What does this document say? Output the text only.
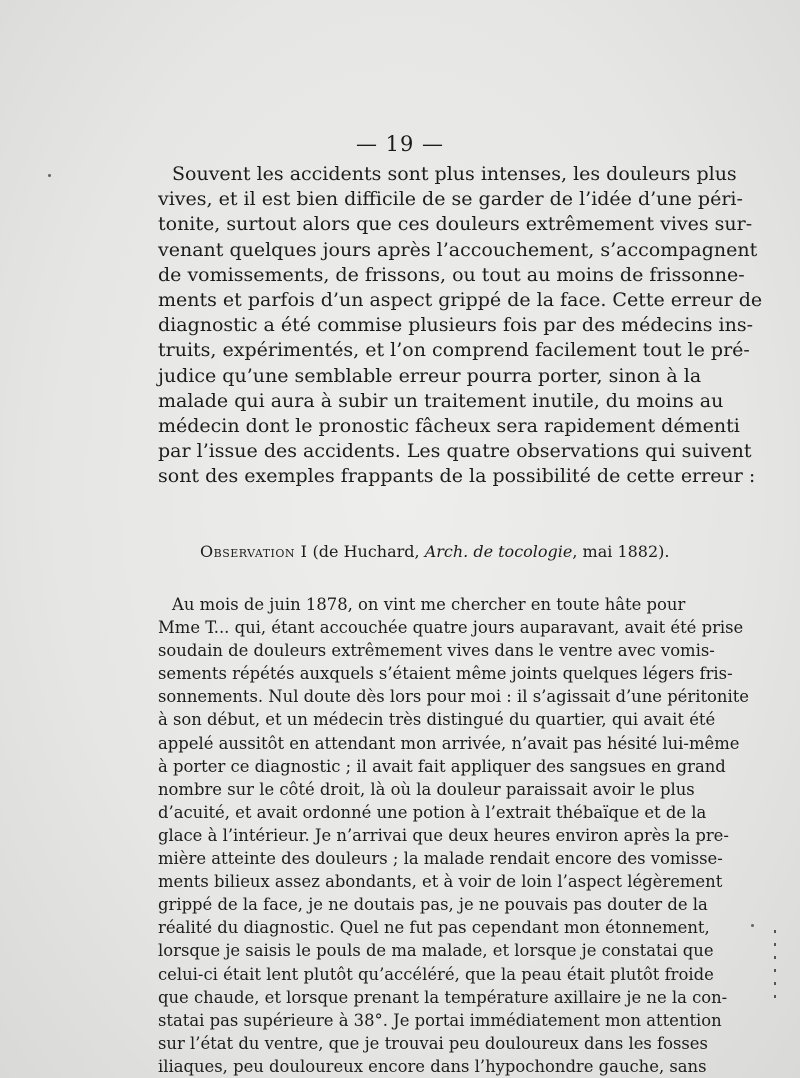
— 19 —
Souvent les accidents sont plus intenses, les douleurs plus
vives, et il est bien difficile de se garder de l’idée d’une péri-
tonite, surtout alors que ces douleurs extrêmement vives sur-
venant quelques jours après l’accouchement, s’accompagnent
de vomissements, de frissons, ou tout au moins de frissonne-
ments et parfois d’un aspect grippé de la face. Cette erreur de
diagnostic a été commise plusieurs fois par des médecins ins-
truits, expérimentés, et l’on comprend facilement tout le pré-
judice qu’une semblable erreur pourra porter, sinon à la
malade qui aura à subir un traitement inutile, du moins au
médecin dont le pronostic fâcheux sera rapidement démenti
par l’issue des accidents. Les quatre observations qui suivent
sont des exemples frappants de la possibilité de cette erreur :
Observation I (de Huchard, Arch. de tocologie, mai 1882).
Au mois de juin 1878, on vint me chercher en toute hâte pour
Mme T... qui, étant accouchée quatre jours auparavant, avait été prise
soudain de douleurs extrêmement vives dans le ventre avec vomis-
sements répétés auxquels s’étaient même joints quelques légers fris-
sonnements. Nul doute dès lors pour moi : il s’agissait d’une péritonite
à son début, et un médecin très distingué du quartier, qui avait été
appelé aussitôt en attendant mon arrivée, n’avait pas hésité lui-même
à porter ce diagnostic ; il avait fait appliquer des sangsues en grand
nombre sur le côté droit, là où la douleur paraissait avoir le plus
d’acuité, et avait ordonné une potion à l’extrait thébaïque et de la
glace à l’intérieur. Je n’arrivai que deux heures environ après la pre-
mière atteinte des douleurs ; la malade rendait encore des vomisse-
ments bilieux assez abondants, et à voir de loin l’aspect légèrement
grippé de la face, je ne doutais pas, je ne pouvais pas douter de la
réalité du diagnostic. Quel ne fut pas cependant mon étonnement,
lorsque je saisis le pouls de ma malade, et lorsque je constatai que
celui-ci était lent plutôt qu’accéléré, que la peau était plutôt froide
que chaude, et lorsque prenant la température axillaire je ne la con-
statai pas supérieure à 38°. Je portai immédiatement mon attention
sur l’état du ventre, que je trouvai peu douloureux dans les fosses
iliaques, peu douloureux encore dans l’hypochondre gauche, sans
